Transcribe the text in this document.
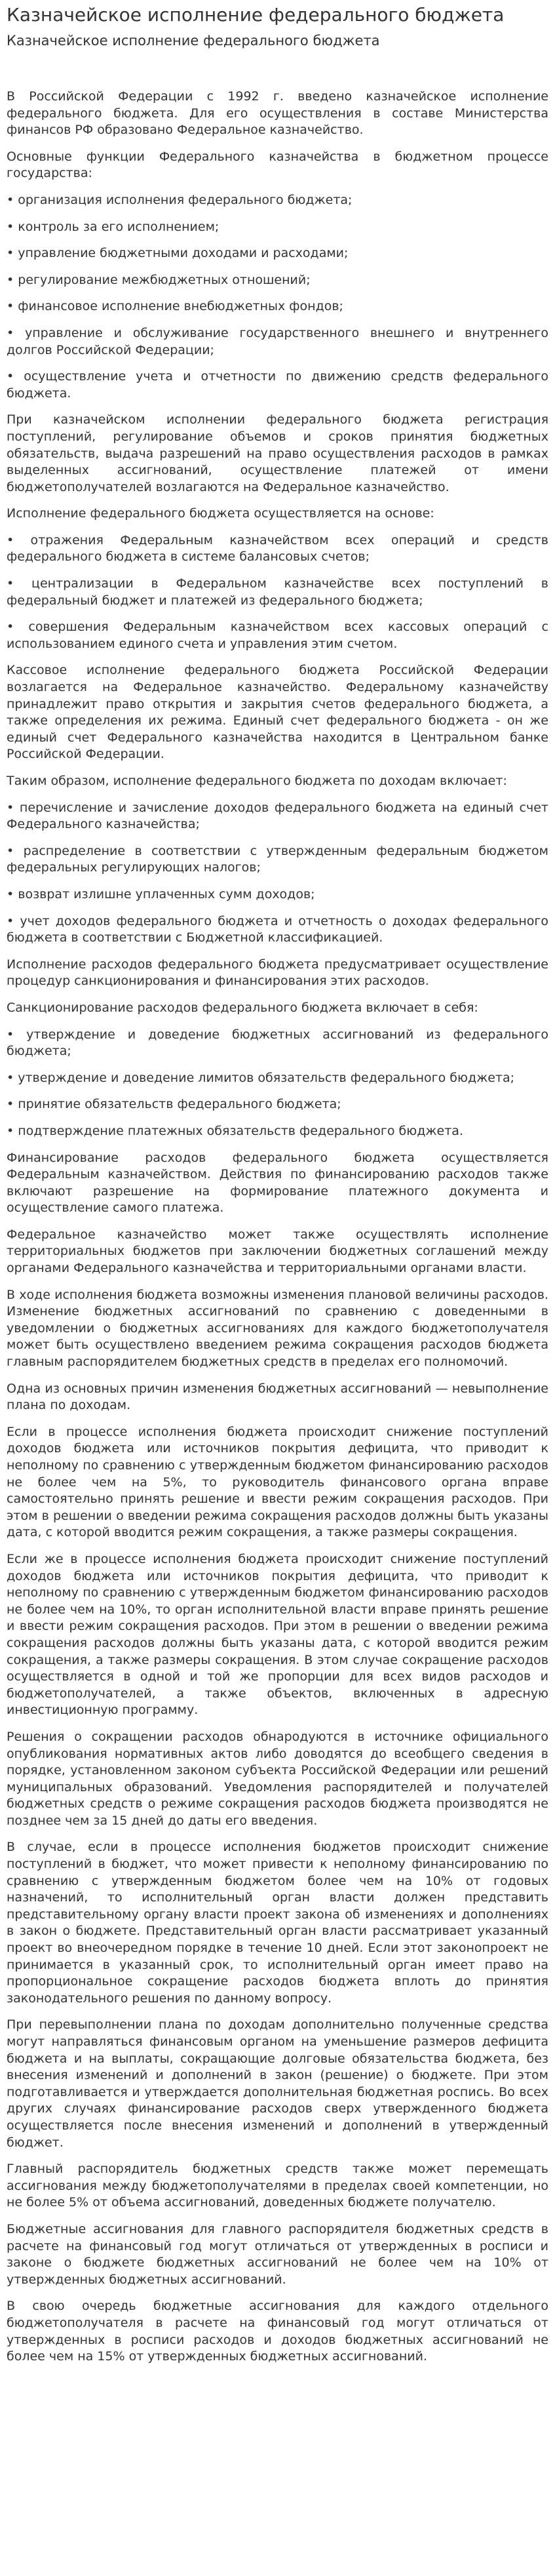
Казначейское исполнение федерального бюджета
Казначейское исполнение федерального бюджета

В Российской Федерации с 1992 г. введено казначейское исполнение федерального бюджета. Для его осуществления в составе Министерства финансов РФ образовано Федеральное казначейство.

Основные функции Федерального казначейства в бюджетном процессе государства:

• организация исполнения федерального бюджета;

• контроль за его исполнением;

• управление бюджетными доходами и расходами;

• регулирование межбюджетных отношений;

• финансовое исполнение внебюджетных фондов;

• управление и обслуживание государственного внешнего и внутреннего долгов Российской Федерации;

• осуществление учета и отчетности по движению средств федерального бюджета.

При казначейском исполнении федерального бюджета регистрация поступлений, регулирование объемов и сроков принятия бюджетных обязательств, выдача разрешений на право осуществления расходов в рамках выделенных ассигнований, осуществление платежей от имени бюджетополучателей возлагаются на Федеральное казначейство.

Исполнение федерального бюджета осуществляется на основе:

• отражения Федеральным казначейством всех операций и средств федерального бюджета в системе балансовых счетов;

• централизации в Федеральном казначействе всех поступлений в федеральный бюджет и платежей из федерального бюджета;

• совершения Федеральным казначейством всех кассовых операций с использованием единого счета и управления этим счетом.

Кассовое исполнение федерального бюджета Российской Федерации возлагается на Федеральное казначейство. Федеральному казначейству принадлежит право открытия и закрытия счетов федерального бюджета, а также определения их режима. Единый счет федерального бюджета - он же единый счет Федерального казначейства находится в Центральном банке Российской Федерации.

Таким образом, исполнение федерального бюджета по доходам включает:

• перечисление и зачисление доходов федерального бюджета на единый счет Федерального казначейства;

• распределение в соответствии с утвержденным федеральным бюджетом федеральных регулирующих налогов;

• возврат излишне уплаченных сумм доходов;

• учет доходов федерального бюджета и отчетность о доходах федерального бюджета в соответствии с Бюджетной классификацией.

Исполнение расходов федерального бюджета предусматривает осуществление процедур санкционирования и финансирования этих расходов.

Санкционирование расходов федерального бюджета включает в себя:

• утверждение и доведение бюджетных ассигнований из федерального бюджета;

• утверждение и доведение лимитов обязательств федерального бюджета;

• принятие обязательств федерального бюджета;

• подтверждение платежных обязательств федерального бюджета.

Финансирование расходов федерального бюджета осуществляется Федеральным казначейством. Действия по финансированию расходов также включают разрешение на формирование платежного документа и осуществление самого платежа.

Федеральное казначейство может также осуществлять исполнение территориальных бюджетов при заключении бюджетных соглашений между органами Федерального казначейства и территориальными органами власти.

В ходе исполнения бюджета возможны изменения плановой величины расходов. Изменение бюджетных ассигнований по сравнению с доведенными в уведомлении о бюджетных ассигнованиях для каждого бюджетополучателя может быть осуществлено введением режима сокращения расходов бюджета главным распорядителем бюджетных средств в пределах его полномочий.

Одна из основных причин изменения бюджетных ассигнований — невыполнение плана по доходам.

Если в процессе исполнения бюджета происходит снижение поступлений доходов бюджета или источников покрытия дефицита, что приводит к неполному по сравнению с утвержденным бюджетом финансированию расходов не более чем на 5%, то руководитель финансового органа вправе самостоятельно принять решение и ввести режим сокращения расходов. При этом в решении о введении режима сокращения расходов должны быть указаны дата, с которой вводится режим сокращения, а также размеры сокращения.

Если же в процессе исполнения бюджета происходит снижение поступлений доходов бюджета или источников покрытия дефицита, что приводит к неполному по сравнению с утвержденным бюджетом финансированию расходов не более чем на 10%, то орган исполнительной власти вправе принять решение и ввести режим сокращения расходов. При этом в решении о введении режима сокращения расходов должны быть указаны дата, с которой вводится режим сокращения, а также размеры сокращения. В этом случае сокращение расходов осуществляется в одной и той же пропорции для всех видов расходов и бюджетополучателей, а также объектов, включенных в адресную инвестиционную программу.

Решения о сокращении расходов обнародуются в источнике официального опубликования нормативных актов либо доводятся до всеобщего сведения в порядке, установленном законом субъекта Российской Федерации или решений муниципальных образований. Уведомления распорядителей и получателей бюджетных средств о режиме сокращения расходов бюджета производятся не позднее чем за 15 дней до даты его введения.

В случае, если в процессе исполнения бюджетов происходит снижение поступлений в бюджет, что может привести к неполному финансированию по сравнению с утвержденным бюджетом более чем на 10% от годовых назначений, то исполнительный орган власти должен представить представительному органу власти проект закона об изменениях и дополнениях в закон о бюджете. Представительный орган власти рассматривает указанный проект во внеочередном порядке в течение 10 дней. Если этот законопроект не принимается в указанный срок, то исполнительный орган имеет право на пропорциональное сокращение расходов бюджета вплоть до принятия законодательного решения по данному вопросу.

При перевыполнении плана по доходам дополнительно полученные средства могут направляться финансовым органом на уменьшение размеров дефицита бюджета и на выплаты, сокращающие долговые обязательства бюджета, без внесения изменений и дополнений в закон (решение) о бюджете. При этом подготавливается и утверждается дополнительная бюджетная роспись. Во всех других случаях финансирование расходов сверх утвержденного бюджета осуществляется после внесения изменений и дополнений в утвержденный бюджет.

Главный распорядитель бюджетных средств также может перемещать ассигнования между бюджетополучателями в пределах своей компетенции, но не более 5% от объема ассигнований, доведенных бюджете получателю.

Бюджетные ассигнования для главного распорядителя бюджетных средств в расчете на финансовый год могут отличаться от утвержденных в росписи и законе о бюджете бюджетных ассигнований не более чем на 10% от утвержденных бюджетных ассигнований.

В свою очередь бюджетные ассигнования для каждого отдельного бюджетополучателя в расчете на финансовый год могут отличаться от утвержденных в росписи расходов и доходов бюджетных ассигнований не более чем на 15% от утвержденных бюджетных ассигнований.
